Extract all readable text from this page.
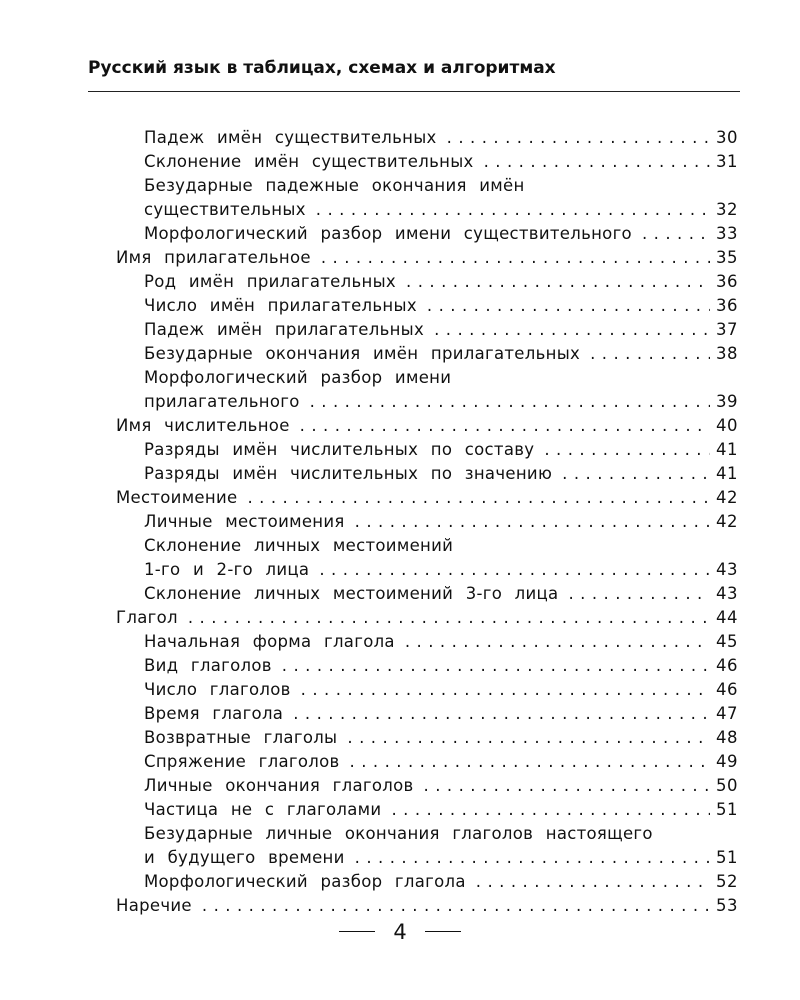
Русский язык в таблицах, схемах и алгоритмах
Падеж имён существительных . . .	30
Склонение имён существительных . . .	31
Безударные падежные окончания имён
существительных . . .	32
Морфологический разбор имени существительного . . .	33
Имя прилагательное . . .	35
Род имён прилагательных . . .	36
Число имён прилагательных . . .	36
Падеж имён прилагательных . . .	37
Безударные окончания имён прилагательных . . .	38
Морфологический разбор имени
прилагательного . . .	39
Имя числительное . . .	40
Разряды имён числительных по составу . . .	41
Разряды имён числительных по значению . . .	41
Местоимение . . .	42
Личные местоимения . . .	42
Склонение личных местоимений
1-го и 2-го лица . . .	43
Склонение личных местоимений 3-го лица . . .	43
Глагол . . .	44
Начальная форма глагола . . .	45
Вид глаголов . . .	46
Число глаголов . . .	46
Время глагола . . .	47
Возвратные глаголы . . .	48
Спряжение глаголов . . .	49
Личные окончания глаголов . . .	50
Частица не с глаголами . . .	51
Безударные личные окончания глаголов настоящего
и будущего времени . . .	51
Морфологический разбор глагола . . .	52
Наречие . . .	53
4
